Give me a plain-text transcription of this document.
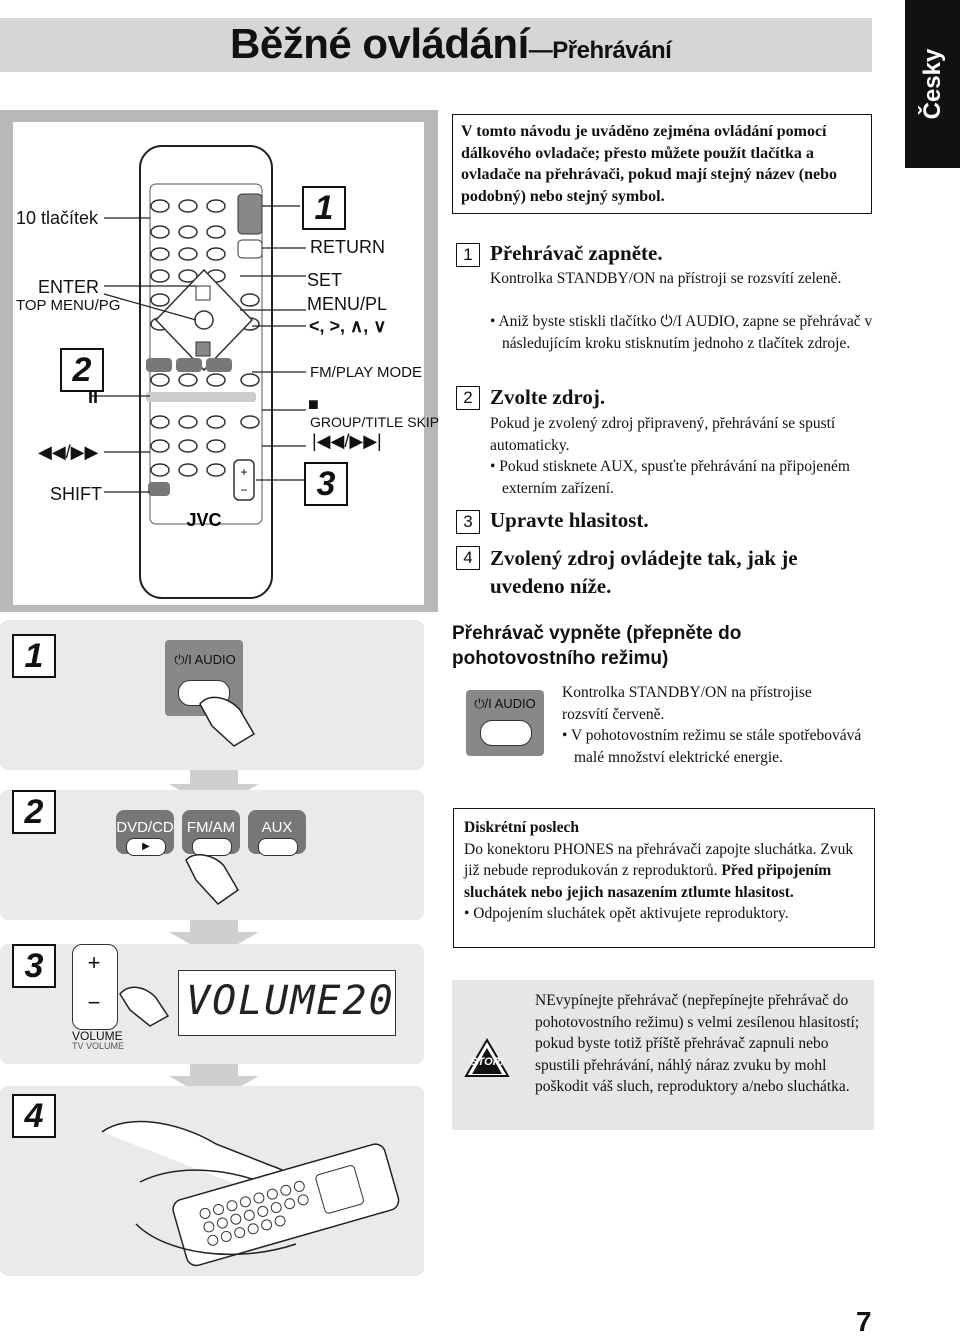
Běžné ovládání—Přehrávání	Česky
+
−
JVC
10 tlačítek
ENTER
TOP MENU/PG
2
II
◀◀/▶▶
SHIFT
1
RETURN
SET
MENU/PL
<, >, ∧, ∨
FM/PLAY MODE
■
GROUP/TITLE SKIP
|◀◀/▶▶|
3
V tomto návodu je uváděno zejména ovládání pomocí dálkového ovladače; přesto můžete použít tlačítka a ovladače na přehrávači, pokud mají stejný název (nebo podobný) nebo stejný symbol.
1 Přehrávač zapněte.
Kontrolka STANDBY/ON na přístroji se rozsvítí zeleně.
• Aniž byste stiskli tlačítko ⏻/I AUDIO, zapne se přehrávač v následujícím kroku stisknutím jednoho z tlačítek zdroje.
2 Zvolte zdroj.
Pokud je zvolený zdroj připravený, přehrávání se spustí automaticky.
• Pokud stisknete AUX, spusťte přehrávání na připojeném externím zařízení.
3 Upravte hlasitost.
4 Zvolený zdroj ovládejte tak, jak je uvedeno níže.
1	⏻/I AUDIO
2	DVD/CD
▶
FM/AM	AUX
3	+
−
VOLUME
TV VOLUME
VOLUME20
4
Přehrávač vypněte (přepněte do pohotovostního režimu)
⏻/I AUDIO
Kontrolka STANDBY/ON na přístrojise rozsvítí červeně.
• V pohotovostním režimu se stále spotřebovává malé množství elektrické energie.
Diskrétní poslech
Do konektoru PHONES na přehrávači zapojte sluchátka. Zvuk již nebude reprodukován z reproduktorů. Před připojením sluchátek nebo jejich nasazením ztlumte hlasitost.
• Odpojením sluchátek opět aktivujete reproduktory.
STOP!
NEvypínejte přehrávač (nepřepínejte přehrávač do pohotovostního režimu) s velmi zesílenou hlasitostí; pokud byste totiž příště přehrávač zapnuli nebo spustili přehrávání, náhlý náraz zvuku by mohl poškodit váš sluch, reproduktory a/nebo sluchátka.
7
